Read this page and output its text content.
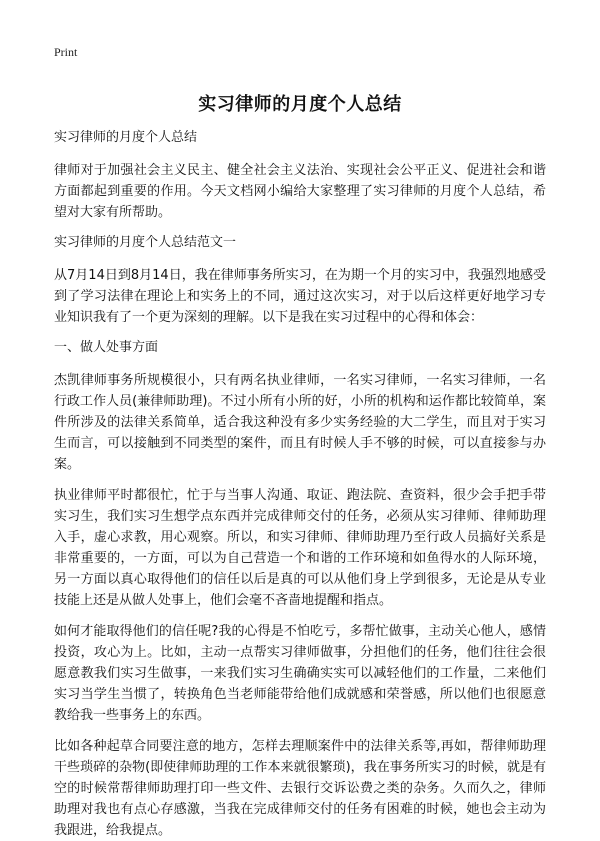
Print
实习律师的月度个人总结

实习律师的月度个人总结

律师对于加强社会主义民主、健全社会主义法治、实现社会公平正义、促进社会和谐方面都起到重要的作用。今天文档网小编给大家整理了实习律师的月度个人总结，希望对大家有所帮助。

实习律师的月度个人总结范文一

从7月14日到8月14日，我在律师事务所实习，在为期一个月的实习中，我强烈地感受到了学习法律在理论上和实务上的不同，通过这次实习，对于以后这样更好地学习专业知识我有了一个更为深刻的理解。以下是我在实习过程中的心得和体会：

一、做人处事方面

杰凯律师事务所规模很小，只有两名执业律师，一名实习律师，一名实习律师，一名行政工作人员(兼律师助理)。不过小所有小所的好，小所的机构和运作都比较简单，案件所涉及的法律关系简单，适合我这种没有多少实务经验的大二学生，而且对于实习生而言，可以接触到不同类型的案件，而且有时候人手不够的时候，可以直接参与办案。

执业律师平时都很忙，忙于与当事人沟通、取证、跑法院、查资料，很少会手把手带实习生，我们实习生想学点东西并完成律师交付的任务，必须从实习律师、律师助理入手，虚心求教，用心观察。所以，和实习律师、律师助理乃至行政人员搞好关系是非常重要的，一方面，可以为自己营造一个和谐的工作环境和如鱼得水的人际环境，另一方面以真心取得他们的信任以后是真的可以从他们身上学到很多，无论是从专业技能上还是从做人处事上，他们会毫不吝啬地提醒和指点。

如何才能取得他们的信任呢?我的心得是不怕吃亏，多帮忙做事，主动关心他人，感情投资，攻心为上。比如，主动一点帮实习律师做事，分担他们的任务，他们往往会很愿意教我们实习生做事，一来我们实习生确确实实可以减轻他们的工作量，二来他们实习当学生当惯了，转换角色当老师能带给他们成就感和荣誉感，所以他们也很愿意教给我一些事务上的东西。

比如各种起草合同要注意的地方，怎样去理顺案件中的法律关系等,再如，帮律师助理干些琐碎的杂物(即使律师助理的工作本来就很繁琐)，我在事务所实习的时候，就是有空的时候常帮律师助理打印一些文件、去银行交诉讼费之类的杂务。久而久之，律师助理对我也有点心存感激，当我在完成律师交付的任务有困难的时候，她也会主动为我跟进，给我提点。
